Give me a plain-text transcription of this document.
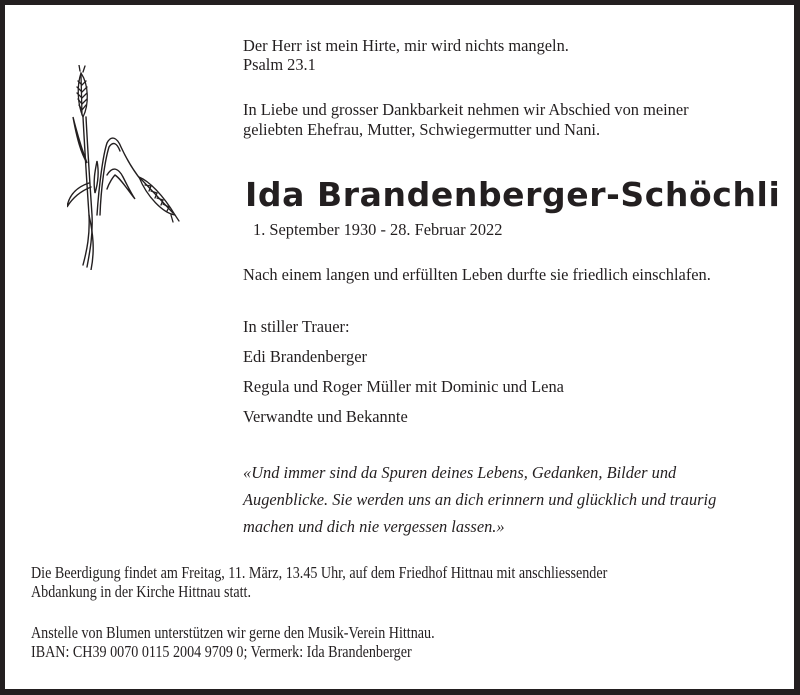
Der Herr ist mein Hirte, mir wird nichts mangeln.
Psalm 23.1
In Liebe und grosser Dankbarkeit nehmen wir Abschied von meiner
geliebten Ehefrau, Mutter, Schwiegermutter und Nani.
Ida Brandenberger-Schöchli
1. September 1930 - 28. Februar 2022
Nach einem langen und erfüllten Leben durfte sie friedlich einschlafen.
In stiller Trauer:
Edi Brandenberger
Regula und Roger Müller mit Dominic und Lena
Verwandte und Bekannte
«Und immer sind da Spuren deines Lebens, Gedanken, Bilder und
Augenblicke. Sie werden uns an dich erinnern und glücklich und traurig
machen und dich nie vergessen lassen.»
Die Beerdigung findet am Freitag, 11. März, 13.45 Uhr, auf dem Friedhof Hittnau mit anschliessender
Abdankung in der Kirche Hittnau statt.
Anstelle von Blumen unterstützen wir gerne den Musik-Verein Hittnau.
IBAN: CH39 0070 0115 2004 9709 0; Vermerk: Ida Brandenberger
